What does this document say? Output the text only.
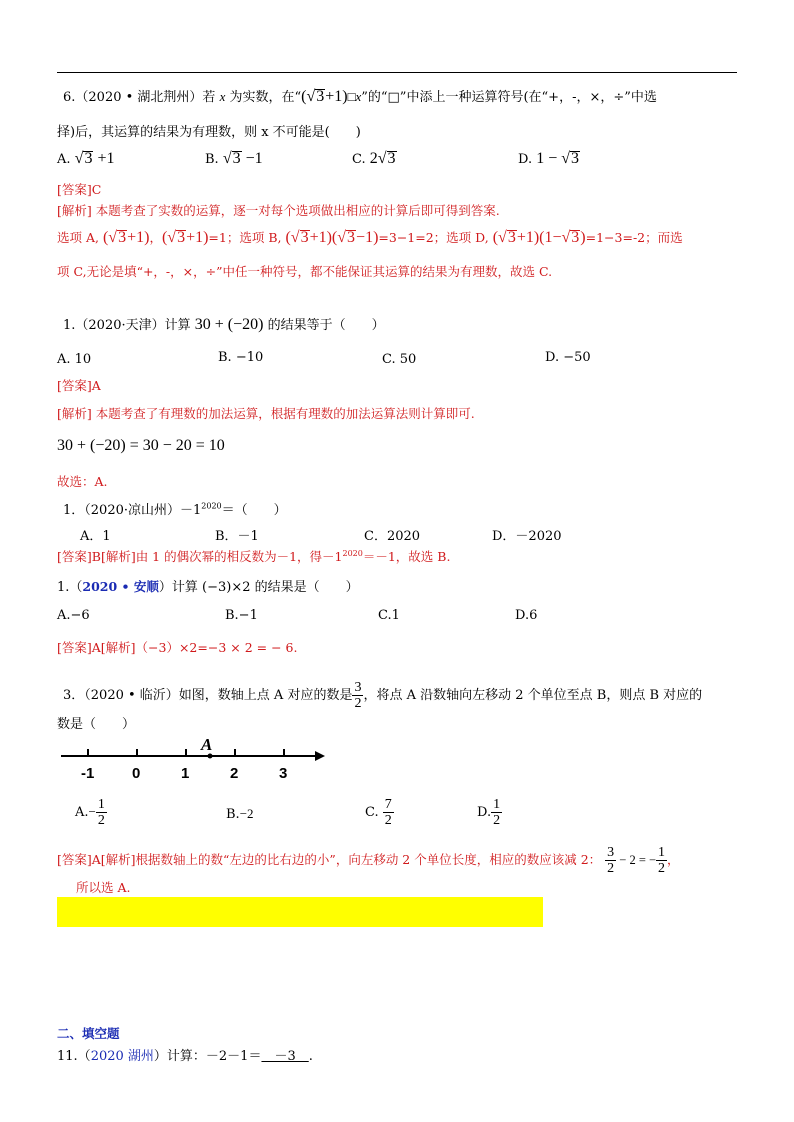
6.（2020 • 湖北荆州）若 x 为实数，在“(√3+1)□x”的“□”中添上一种运算符号(在“+，-，×，÷”中选
择)后，其运算的结果为有理数，则 x 不可能是(　　)
A. √3 +1	B. √3 −1	C. 2√3	D. 1 − √3
[答案]C
[解析] 本题考查了实数的运算，逐一对每个选项做出相应的计算后即可得到答案.
选项 A, (√3+1)，(√3+1)=1；选项 B, (√3+1)(√3−1)=3−1=2；选项 D, (√3+1)(1−√3)=1−3=-2；而选
项 C,无论是填“+，-，×，÷”中任一种符号，都不能保证其运算的结果为有理数，故选 C.
1.（2020·天津）计算 30 + (−20) 的结果等于（　　）
A. 10	B. −10	C. 50	D. −50
[答案]A
[解析] 本题考查了有理数的加法运算，根据有理数的加法运算法则计算即可.
30 + (−20) = 30 − 20 = 10
故选：A.
1．（2020·凉山州）$-1^{2020}=$（　　）
A．1	B．－1	C．2020	D．－2020
[答案]B[解析]由 1 的偶次幂的相反数为－1，得$-1^{2020}=-1$，故选 B.
1.（2020 • 安顺）计算 (−3)×2 的结果是（　　）
A.−6	B.−1	C.1	D.6
[答案]A[解析]（−3）×2=−3 × 2 = − 6.
3．（2020 • 临沂）如图，数轴上点 A 对应的数是 $\frac{3}{2}$ ，将点 A 沿数轴向左移动 2 个单位至点 B，则点 B 对应的
数是（　　）
A
-1	0	1	2	3
$A.- \frac{1}{2}$	B.−2	C. $\frac{7}{2}$	D. $\frac{1}{2}$
[答案]A[解析]根据数轴上的数“左边的比右边的小”，向左移动 2 个单位长度，相应的数应该减 2： $\frac{3}{2} - 2$ = − $\frac{1}{2}$ ，
所以选 A.
二、填空题
11.（2020 湖州）计算：－2－1＝　－3　.
